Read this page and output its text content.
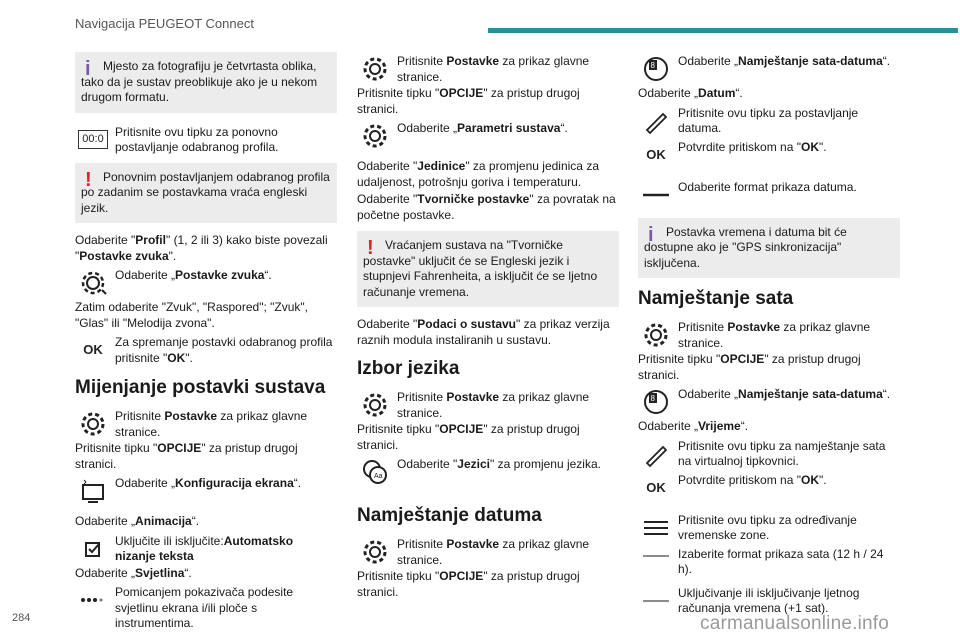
Navigacija PEUGEOT Connect
i	Mjesto za fotografiju je četvrtasta oblika, tako da je sustav preoblikuje ako je u nekom drugom formatu.
00:0
Pritisnite ovu tipku za ponovno postavljanje odabranog profila.
! Ponovnim postavljanjem odabranog profila po zadanim se postavkama vraća engleski jezik.
Odaberite "Profil" (1, 2 ili 3) kako biste povezali "Postavke zvuka".
Odaberite „Postavke zvuka“.
Zatim odaberite "Zvuk", "Raspored"; "Zvuk", "Glas" ili "Melodija zvona".
OK
Za spremanje postavki odabranog profila pritisnite "OK".
Mijenjanje postavki sustava
Pritisnite Postavke za prikaz glavne stranice.
Pritisnite tipku "OPCIJE" za pristup drugoj stranici.
Odaberite „Konfiguracija ekrana“.
Odaberite „Animacija“.
Uključite ili isključite:Automatsko nizanje teksta
Odaberite „Svjetlina“.
Pomicanjem pokazivača podesite svjetlinu ekrana i/ili ploče s instrumentima.
Pritisnite Postavke za prikaz glavne stranice.
Pritisnite tipku "OPCIJE" za pristup drugoj stranici.
Odaberite „Parametri sustava“.
Odaberite "Jedinice" za promjenu jedinica za udaljenost, potrošnju goriva i temperaturu.
Odaberite "Tvorničke postavke" za povratak na početne postavke.
! Vraćanjem sustava na "Tvorničke postavke" uključit će se Engleski jezik i stupnjevi Fahrenheita, a isključit će se ljetno računanje vremena.
Odaberite "Podaci o sustavu" za prikaz verzija raznih modula instaliranih u sustavu.
Izbor jezika
Pritisnite Postavke za prikaz glavne stranice.
Pritisnite tipku "OPCIJE" za pristup drugoj stranici.
Aa
Odaberite "Jezici" za promjenu jezika.
Namještanje datuma
Pritisnite Postavke za prikaz glavne stranice.
Pritisnite tipku "OPCIJE" za pristup drugoj stranici.
8 Odaberite „Namještanje sata-datuma“.
Odaberite „Datum“.
Pritisnite ovu tipku za postavljanje datuma.
OK
Potvrdite pritiskom na "OK".
Odaberite format prikaza datuma.
i	Postavka vremena i datuma bit će dostupne ako je "GPS sinkronizacija" isključena.
Namještanje sata
Pritisnite Postavke za prikaz glavne stranice.
Pritisnite tipku "OPCIJE" za pristup drugoj stranici.
8 Odaberite „Namještanje sata-datuma“.
Odaberite „Vrijeme“.
Pritisnite ovu tipku za namještanje sata na virtualnoj tipkovnici.
OK
Potvrdite pritiskom na "OK".
Pritisnite ovu tipku za određivanje vremenske zone.
Izaberite format prikaza sata (12 h / 24 h).
Uključivanje ili isključivanje ljetnog računanja vremena (+1 sat).
284	carmanualsonline.info
